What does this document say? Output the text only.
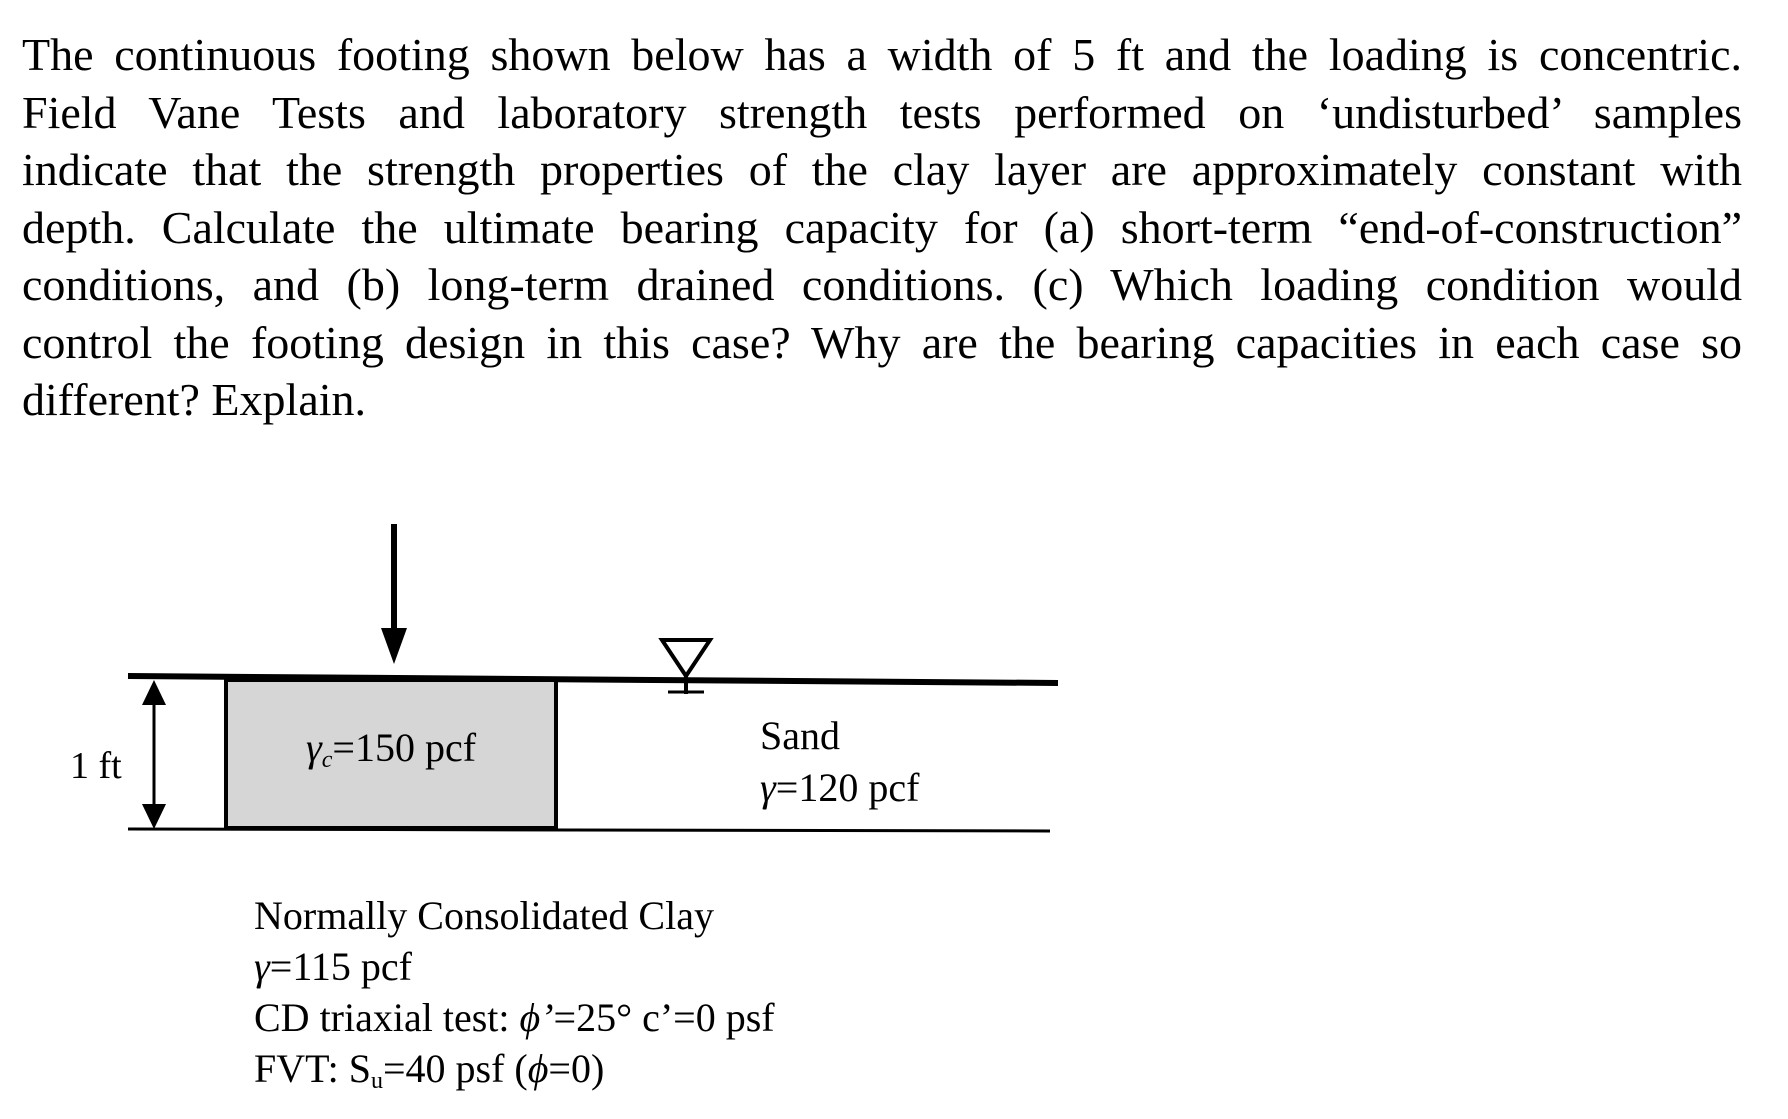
The continuous footing shown below has a width of 5 ft and the loading is concentric.
Field Vane Tests and laboratory strength tests performed on ‘undisturbed’ samples
indicate that the strength properties of the clay layer are approximately constant with
depth. Calculate the ultimate bearing capacity for (a) short-term “end-of-construction”
conditions, and (b) long-term drained conditions. (c) Which loading condition would
control the footing design in this case? Why are the bearing capacities in each case so
different? Explain.
1 ft	$\gamma_c=150$ pcf	Sand
γ=120 pcf
Normally Consolidated Clay
γ=115 pcf
CD triaxial test: ϕ’=25° c’=0 psf
FVT: $S_u=40$ psf (ϕ=0)
